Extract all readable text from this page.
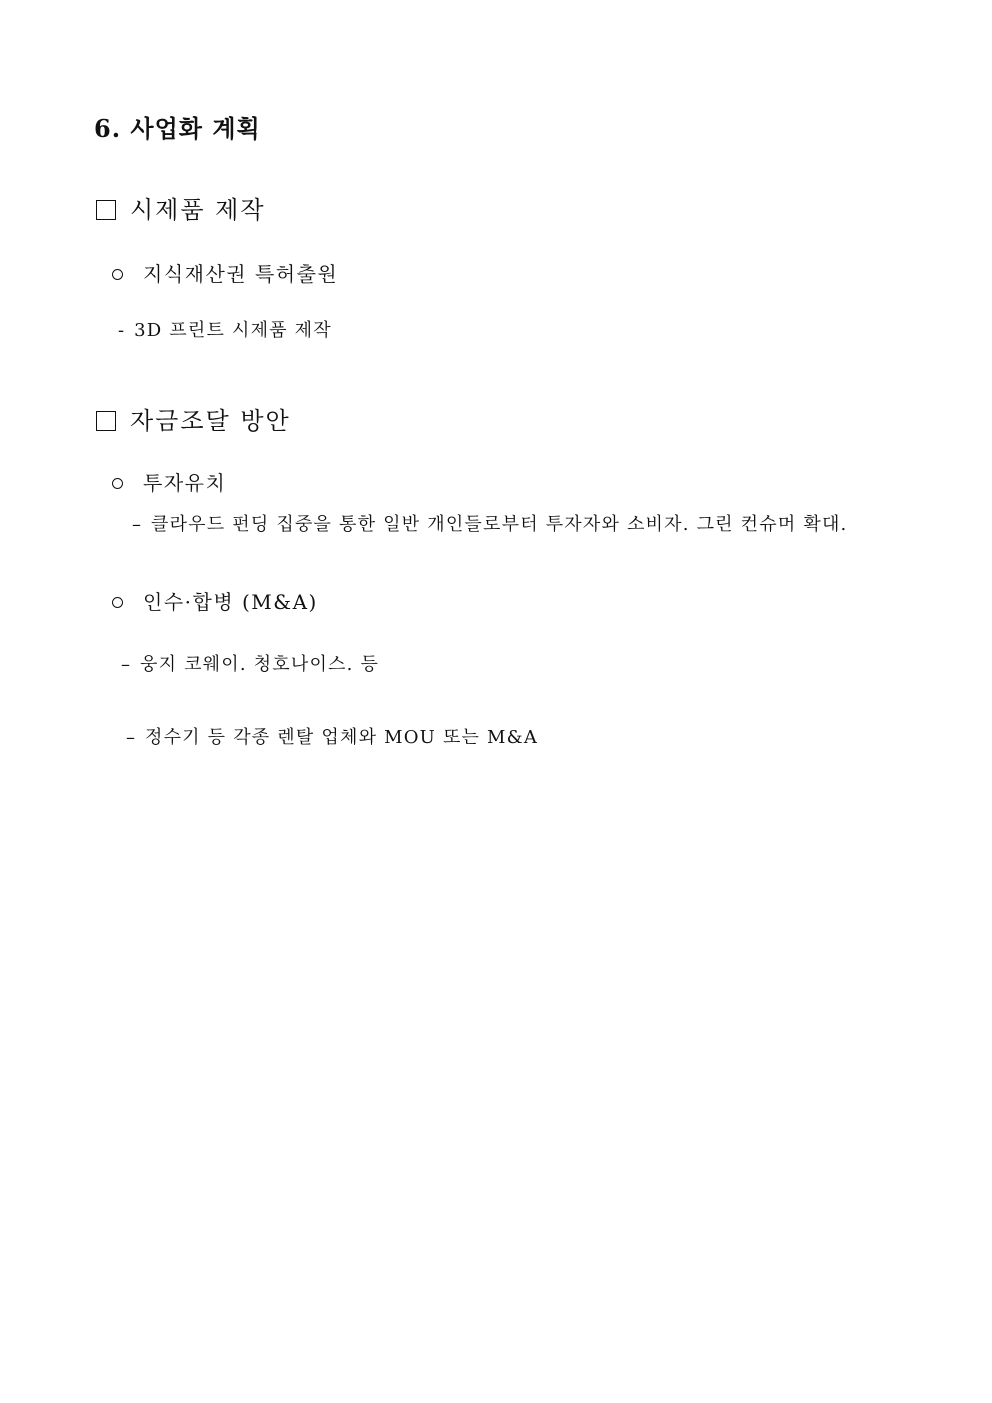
6. 사업화 계획
시제품 제작
지식재산권 특허출원
- 3D 프린트 시제품 제작
자금조달 방안
투자유치
– 클라우드 펀딩 집중을 통한 일반 개인들로부터 투자자와 소비자. 그린 컨슈머 확대.
인수·합병 (M&A)
– 웅지 코웨이. 청호나이스. 등
– 정수기 등 각종 렌탈 업체와 MOU 또는 M&A
